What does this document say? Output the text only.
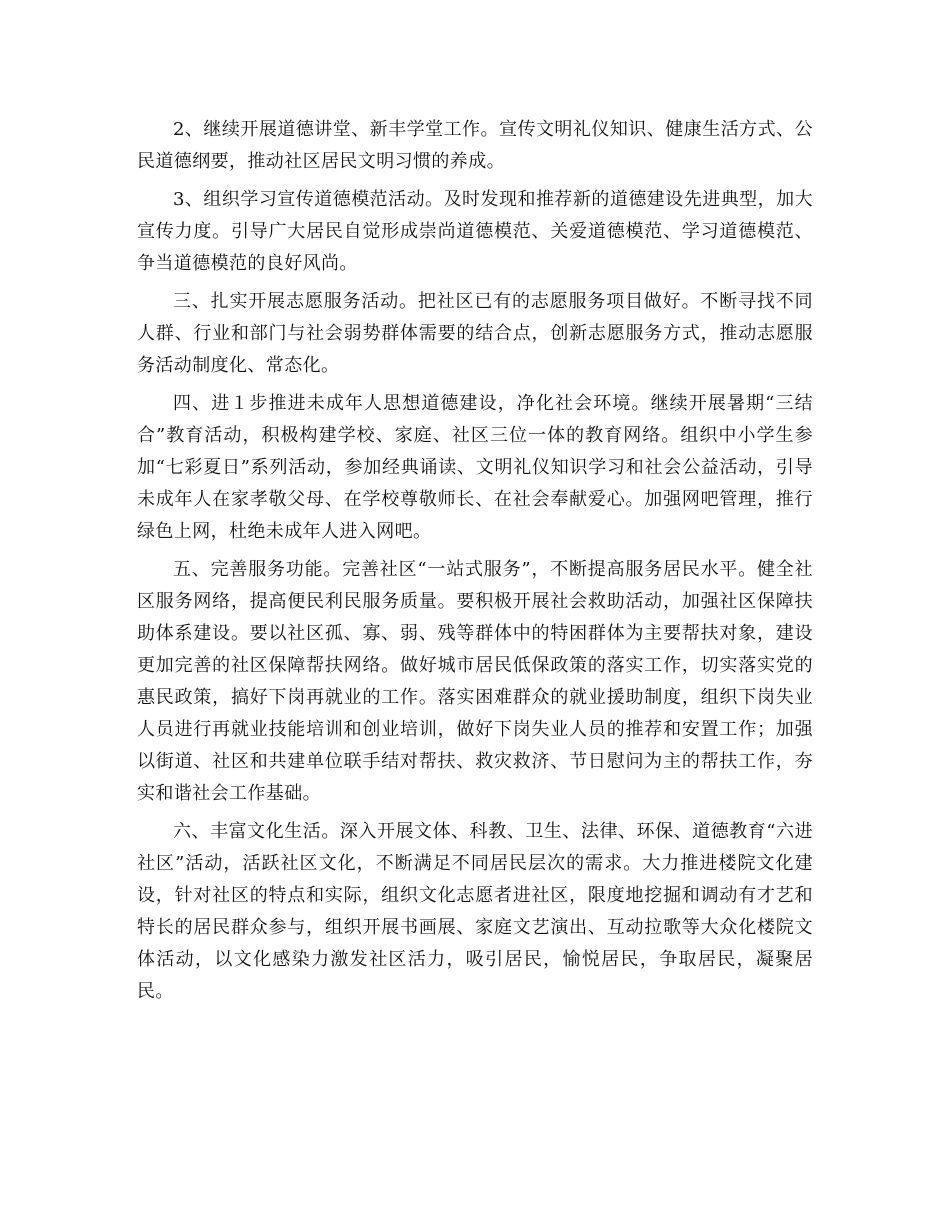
2、继续开展道德讲堂、新丰学堂工作。宣传文明礼仪知识、健康生活方式、公民道德纲要，推动社区居民文明习惯的养成。

3、组织学习宣传道德模范活动。及时发现和推荐新的道德建设先进典型，加大宣传力度。引导广大居民自觉形成崇尚道德模范、关爱道德模范、学习道德模范、争当道德模范的良好风尚。

三、扎实开展志愿服务活动。把社区已有的志愿服务项目做好。不断寻找不同人群、行业和部门与社会弱势群体需要的结合点，创新志愿服务方式，推动志愿服务活动制度化、常态化。

四、进１步推进未成年人思想道德建设，净化社会环境。继续开展暑期“三结合”教育活动，积极构建学校、家庭、社区三位一体的教育网络。组织中小学生参加“七彩夏日”系列活动，参加经典诵读、文明礼仪知识学习和社会公益活动，引导未成年人在家孝敬父母、在学校尊敬师长、在社会奉献爱心。加强网吧管理，推行绿色上网，杜绝未成年人进入网吧。

五、完善服务功能。完善社区“一站式服务”，不断提高服务居民水平。健全社区服务网络，提高便民利民服务质量。要积极开展社会救助活动，加强社区保障扶助体系建设。要以社区孤、寡、弱、残等群体中的特困群体为主要帮扶对象，建设更加完善的社区保障帮扶网络。做好城市居民低保政策的落实工作，切实落实党的惠民政策，搞好下岗再就业的工作。落实困难群众的就业援助制度，组织下岗失业人员进行再就业技能培训和创业培训，做好下岗失业人员的推荐和安置工作；加强以街道、社区和共建单位联手结对帮扶、救灾救济、节日慰问为主的帮扶工作，夯实和谐社会工作基础。

六、丰富文化生活。深入开展文体、科教、卫生、法律、环保、道德教育“六进社区”活动，活跃社区文化，不断满足不同居民层次的需求。大力推进楼院文化建设，针对社区的特点和实际，组织文化志愿者进社区，限度地挖掘和调动有才艺和特长的居民群众参与，组织开展书画展、家庭文艺演出、互动拉歌等大众化楼院文体活动，以文化感染力激发社区活力，吸引居民，愉悦居民，争取居民，凝聚居民。
